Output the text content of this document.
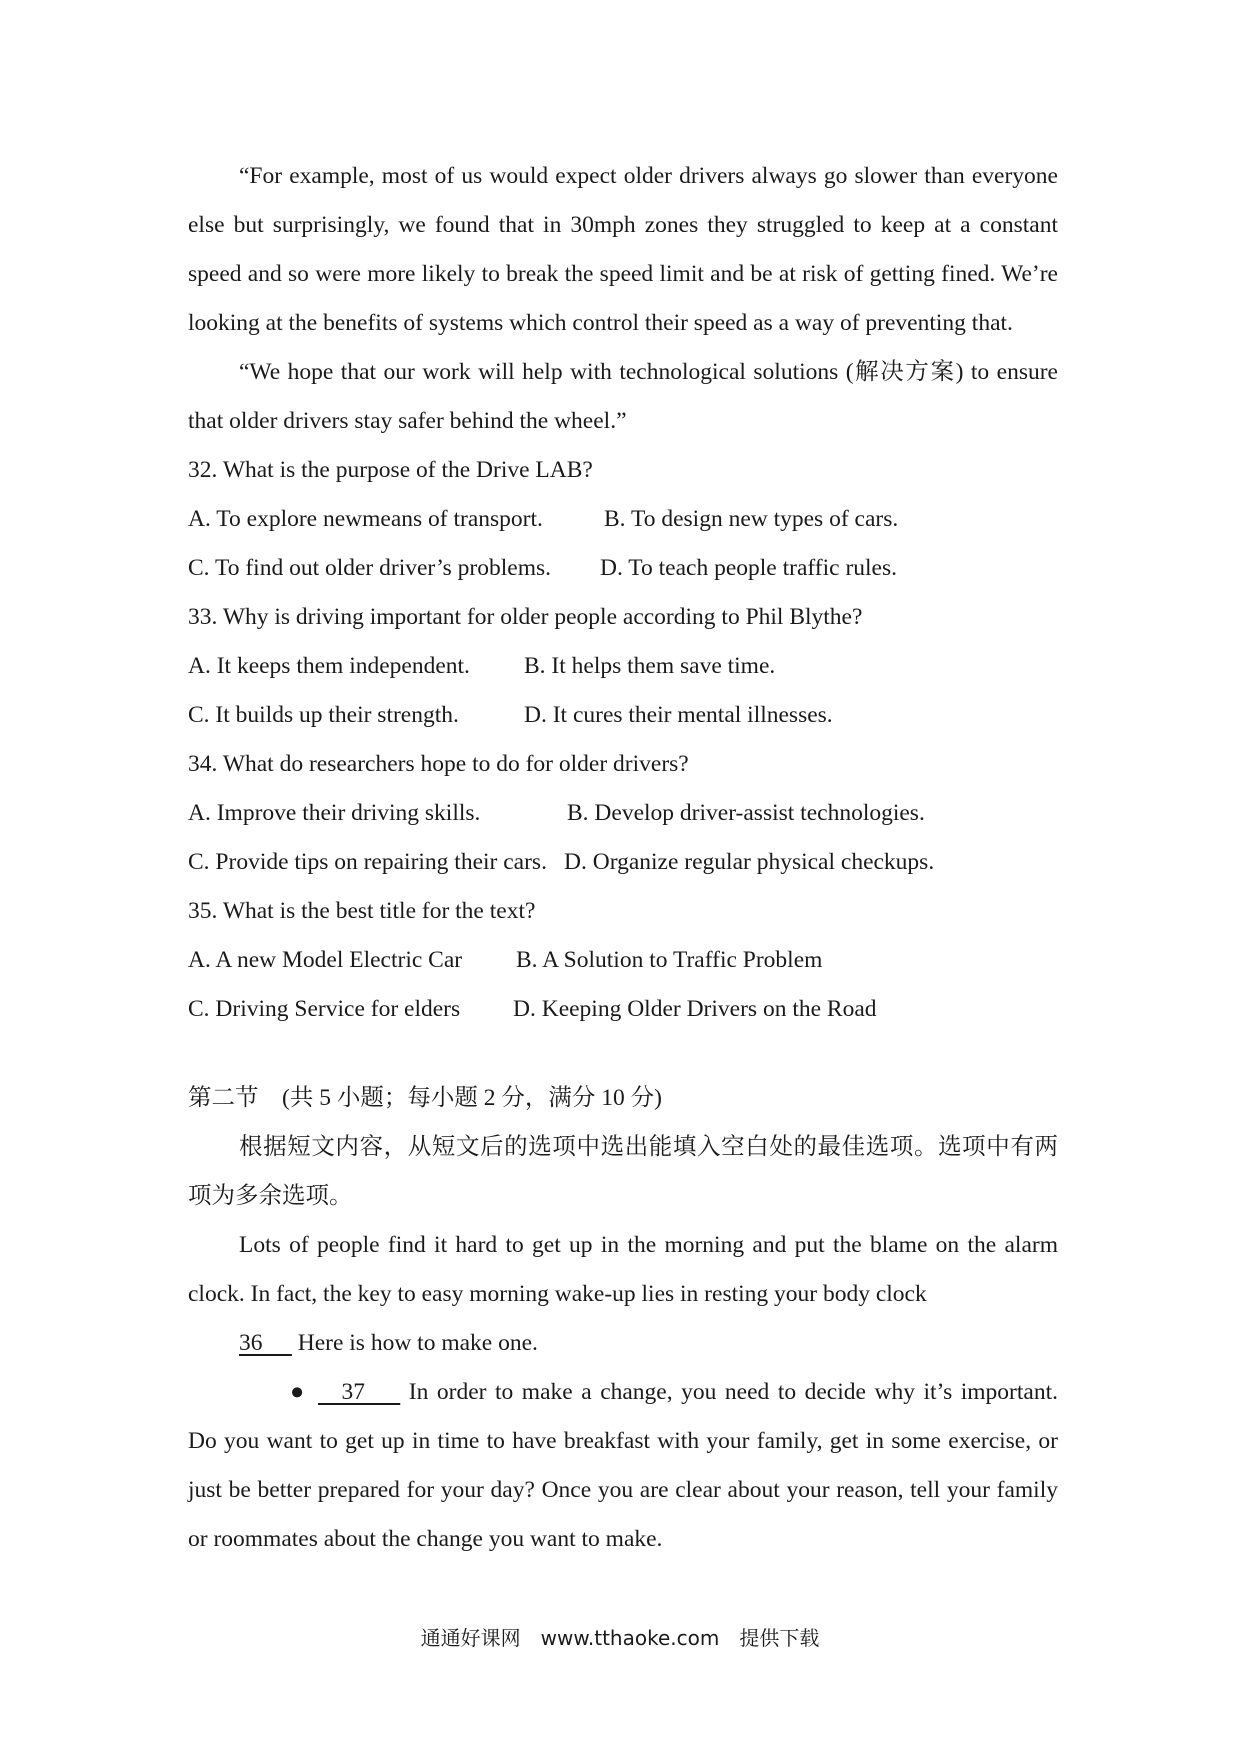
“For example, most of us would expect older drivers always go slower than everyone else but surprisingly, we found that in 30mph zones they struggled to keep at a constant speed and so were more likely to break the speed limit and be at risk of getting fined. We’re looking at the benefits of systems which control their speed as a way of preventing that.

“We hope that our work will help with technological solutions (解决方案) to ensure that older drivers stay safer behind the wheel.”

32. What is the purpose of the Drive LAB?

A. To explore newmeans of transport.	B. To design new types of cars.
C. To find out older driver’s problems.	D. To teach people traffic rules.

33. Why is driving important for older people according to Phil Blythe?

A. It keeps them independent.	B. It helps them save time.
C. It builds up their strength.	D. It cures their mental illnesses.

34. What do researchers hope to do for older drivers?

A. Improve their driving skills.	B. Develop driver-assist technologies.
C. Provide tips on repairing their cars. D. Organize regular physical checkups.

35. What is the best title for the text?

A. A new Model Electric Car	B. A Solution to Traffic Problem
C. Driving Service for elders	D. Keeping Older Drivers on the Road

第二节　(共 5 小题；每小题 2 分，满分 10 分)

根据短文内容，从短文后的选项中选出能填入空白处的最佳选项。选项中有两项为多余选项。

Lots of people find it hard to get up in the morning and put the blame on the alarm clock. In fact, the key to easy morning wake-up lies in resting your body clock
36 Here is how to make one.

● 37 In order to make a change, you need to decide why it’s important. Do you want to get up in time to have breakfast with your family, get in some exercise, or just be better prepared for your day? Once you are clear about your reason, tell your family or roommates about the change you want to make.

通通好课网　www.tthaoke.com　提供下载
